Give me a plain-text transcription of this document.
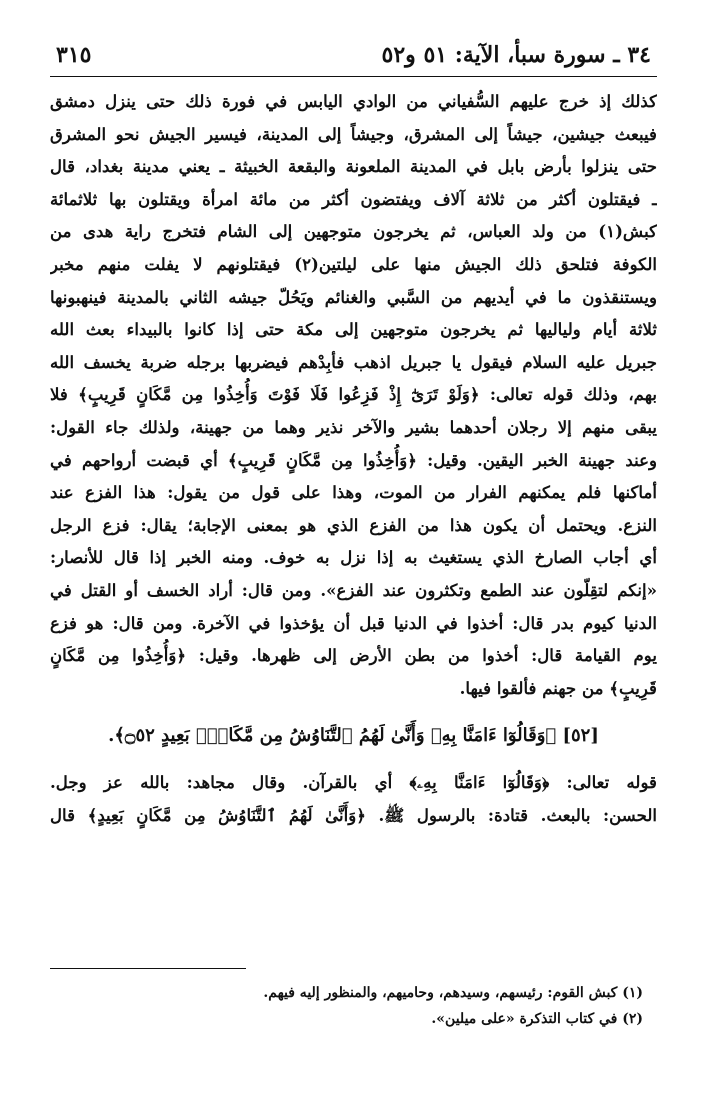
٣٤ ـ سورة سبأ، الآية: ٥١ و٥٢
٣١٥
كذلك إذ خرج عليهم السُّفياني من الوادي اليابس في فورة ذلك حتى ينزل دمشق
فيبعث جيشين، جيشاً إلى المشرق، وجيشاً إلى المدينة، فيسير الجيش نحو المشرق
حتى ينزلوا بأرض بابل في المدينة الملعونة والبقعة الخبيثة ـ يعني مدينة بغداد، قال
ـ فيقتلون أكثر من ثلاثة آلاف ويفتضون أكثر من مائة امرأة ويقتلون بها ثلاثمائة
كبش(١) من ولد العباس، ثم يخرجون متوجهين إلى الشام فتخرج راية هدى من
الكوفة فتلحق ذلك الجيش منها على ليلتين(٢) فيقتلونهم لا يفلت منهم مخبر
ويستنقذون ما في أيديهم من السَّبي والغنائم ويَحُلّ جيشه الثاني بالمدينة فينهبونها
ثلاثة أيام ولياليها ثم يخرجون متوجهين إلى مكة حتى إذا كانوا بالبيداء بعث الله
جبريل عليه السلام فيقول يا جبريل اذهب فأبِدْهم فيضربها برجله ضربة يخسف الله
بهم، وذلك قوله تعالى: ﴿وَلَوْ تَرَىٰٓ إِذْ فَزِعُوا فَلَا فَوْتَ وَأُخِذُوا مِن مَّكَانٍ قَرِيبٍ﴾ فلا
يبقى منهم إلا رجلان أحدهما بشير والآخر نذير وهما من جهينة، ولذلك جاء القول:
وعند جهينة الخبر اليقين. وقيل: ﴿وَأُخِذُوا مِن مَّكَانٍ قَرِيبٍ﴾ أي قبضت أرواحهم في
أماكنها فلم يمكنهم الفرار من الموت، وهذا على قول من يقول: هذا الفزع عند
النزع. ويحتمل أن يكون هذا من الفزع الذي هو بمعنى الإجابة؛ يقال: فزع الرجل
أي أجاب الصارخ الذي يستغيث به إذا نزل به خوف. ومنه الخبر إذا قال للأنصار:
«إنكم لتقِلّون عند الطمع وتكثرون عند الفزع». ومن قال: أراد الخسف أو القتل في
الدنيا كيوم بدر قال: أخذوا في الدنيا قبل أن يؤخذوا في الآخرة. ومن قال: هو فزع
يوم القيامة قال: أخذوا من بطن الأرض إلى ظهرها. وقيل: ﴿وَأُخِذُوا مِن مَّكَانٍ
قَرِيبٍ﴾ من جهنم فألقوا فيها.
[٥٢] ﴿وَقَالُوٓا ءَامَنَّا بِهِۦ وَأَنَّىٰ لَهُمُ ٱلتَّنَاوُشُ مِن مَّكَانٍۭ بَعِيدٍ ۝٥٢﴾.
قوله تعالى: ﴿وَقَالُوٓا ءَامَنَّا بِهِۦ﴾ أي بالقرآن. وقال مجاهد: بالله عز وجل.
الحسن: بالبعث. قتادة: بالرسول ﷺ. ﴿وَأَنَّىٰ لَهُمُ ٱلتَّنَاوُشُ مِن مَّكَانٍ بَعِيدٍ﴾ قال
(١) كبش القوم: رئيسهم، وسيدهم، وحاميهم، والمنظور إليه فيهم.
(٢) في كتاب التذكرة «على ميلين».
